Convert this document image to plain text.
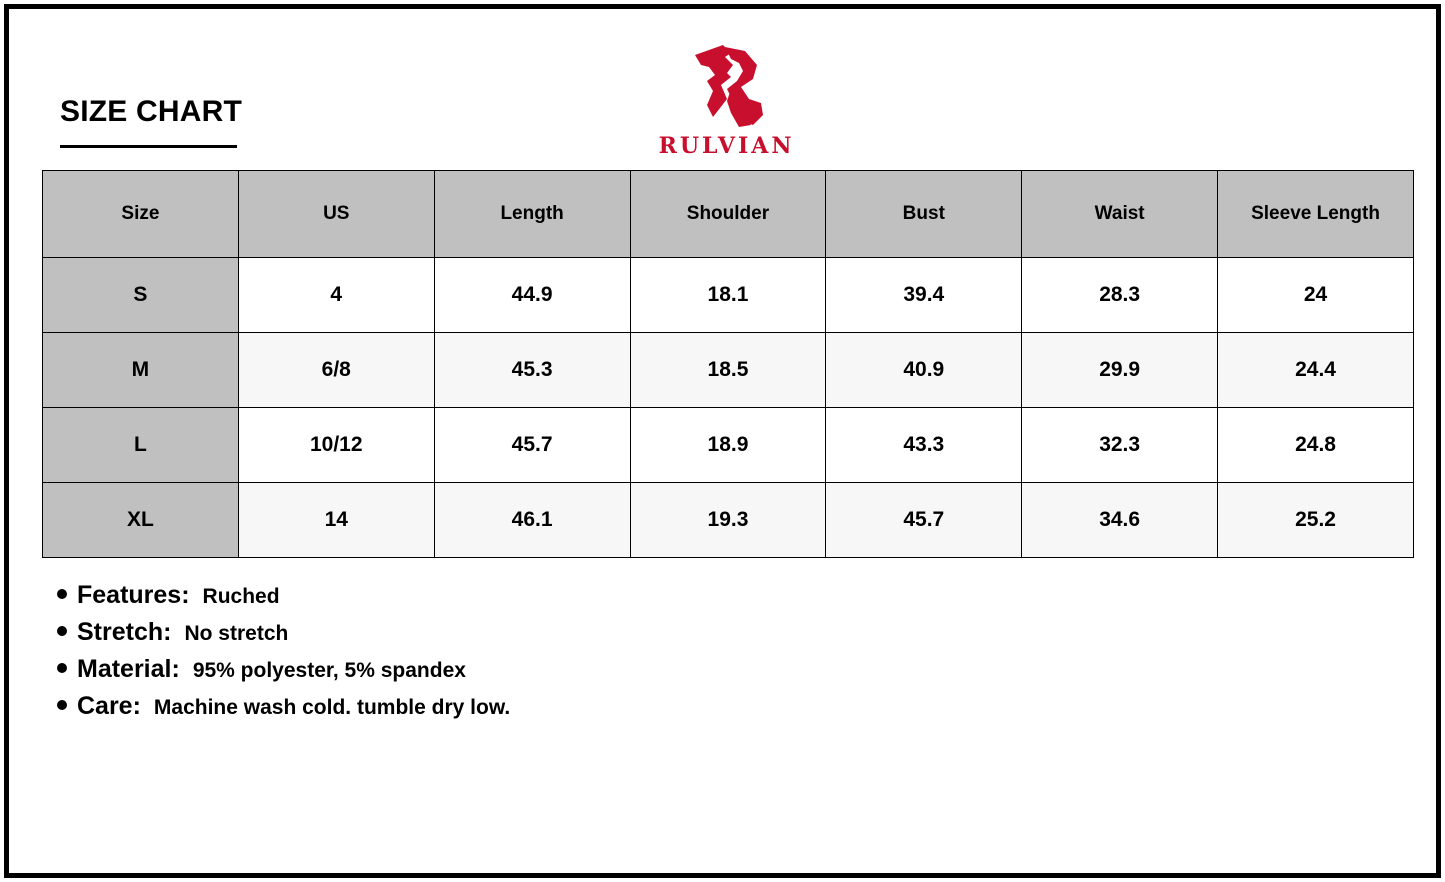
SIZE CHART
RULVIAN
Size	US	Length	Shoulder	Bust	Waist	Sleeve Length
S	4	44.9	18.1	39.4	28.3	24
M	6/8	45.3	18.5	40.9	29.9	24.4
L	10/12	45.7	18.9	43.3	32.3	24.8
XL	14	46.1	19.3	45.7	34.6	25.2
Features: Ruched
Stretch: No stretch
Material: 95% polyester, 5% spandex
Care: Machine wash cold. tumble dry low.
